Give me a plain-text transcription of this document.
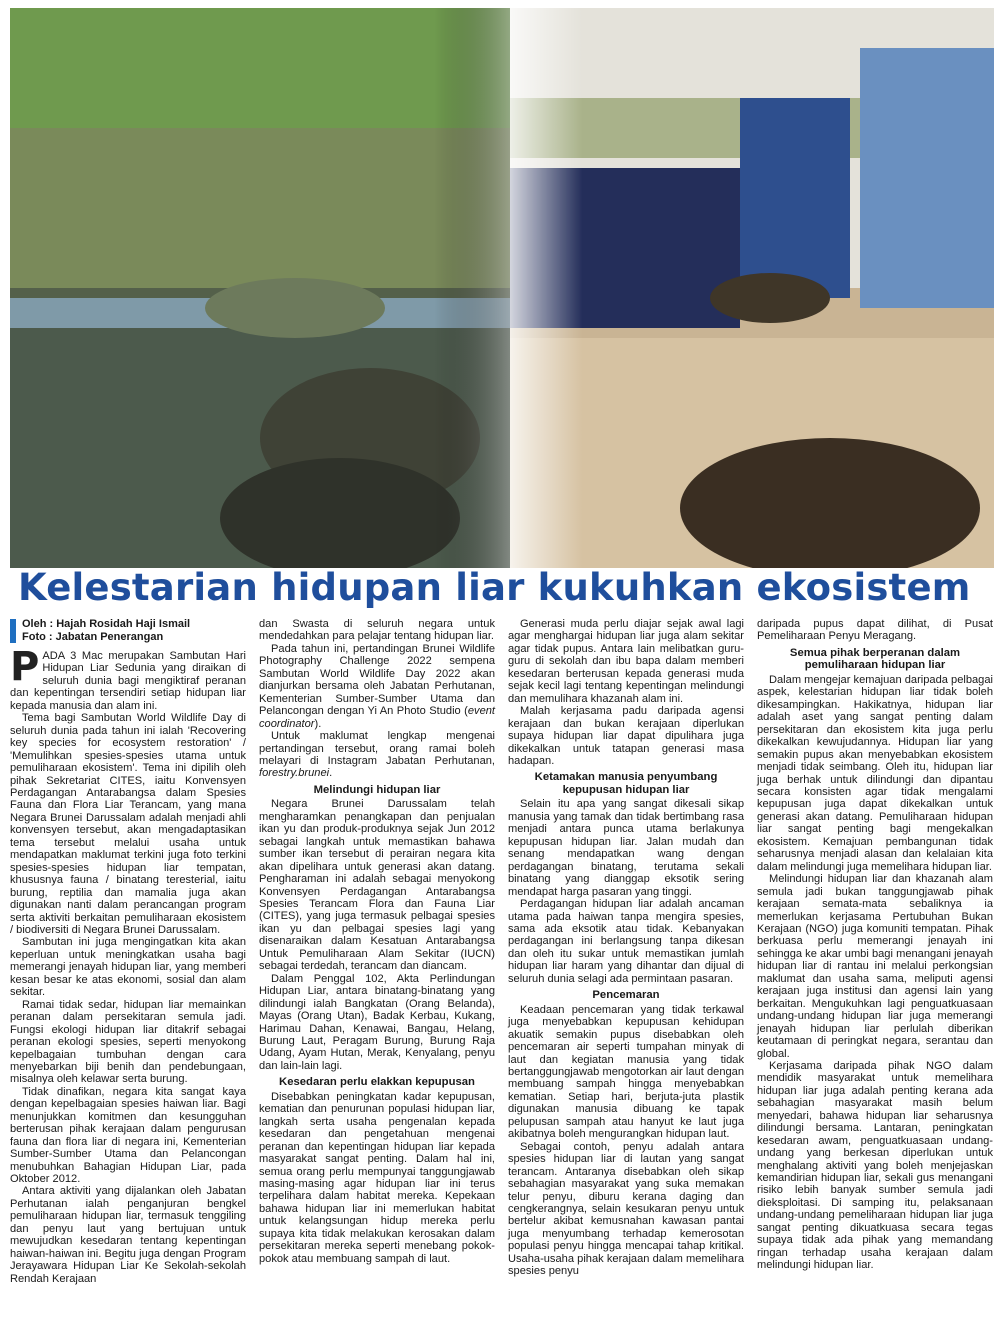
Kelestarian hidupan liar kukuhkan ekosistem
Oleh : Hajah Rosidah Haji Ismail
Foto : Jabatan Penerangan

PADA 3 Mac merupakan Sambutan Hari Hidupan Liar Sedunia yang diraikan di seluruh dunia bagi mengiktiraf peranan dan kepentingan tersendiri setiap hidupan liar kepada manusia dan alam ini.

Tema bagi Sambutan World Wildlife Day di seluruh dunia pada tahun ini ialah 'Recovering key species for ecosystem restoration' / 'Memulihkan spesies-spesies utama untuk pemuliharaan ekosistem'. Tema ini dipilih oleh pihak Sekretariat CITES, iaitu Konvensyen Perdagangan Antarabangsa dalam Spesies Fauna dan Flora Liar Terancam, yang mana Negara Brunei Darussalam adalah menjadi ahli konvensyen tersebut, akan mengadaptasikan tema tersebut melalui usaha untuk mendapatkan maklumat terkini juga foto terkini spesies-spesies hidupan liar tempatan, khususnya fauna / binatang teresterial, iaitu burung, reptilia dan mamalia juga akan digunakan nanti dalam perancangan program serta aktiviti berkaitan pemuliharaan ekosistem / biodiversiti di Negara Brunei Darussalam.

Sambutan ini juga mengingatkan kita akan keperluan untuk meningkatkan usaha bagi memerangi jenayah hidupan liar, yang memberi kesan besar ke atas ekonomi, sosial dan alam sekitar.

Ramai tidak sedar, hidupan liar memainkan peranan dalam persekitaran semula jadi. Fungsi ekologi hidupan liar ditakrif sebagai peranan ekologi spesies, seperti menyokong kepelbagaian tumbuhan dengan cara menyebarkan biji benih dan pendebungaan, misalnya oleh kelawar serta burung.

Tidak dinafikan, negara kita sangat kaya dengan kepelbagaian spesies haiwan liar. Bagi menunjukkan komitmen dan kesungguhan berterusan pihak kerajaan dalam pengurusan fauna dan flora liar di negara ini, Kementerian Sumber-Sumber Utama dan Pelancongan menubuhkan Bahagian Hidupan Liar, pada Oktober 2012.

Antara aktiviti yang dijalankan oleh Jabatan Perhutanan ialah penganjuran bengkel pemuliharaan hidupan liar, termasuk tenggiling dan penyu laut yang bertujuan untuk mewujudkan kesedaran tentang kepentingan haiwan-haiwan ini. Begitu juga dengan Program Jerayawara Hidupan Liar Ke Sekolah-sekolah Rendah Kerajaan

dan Swasta di seluruh negara untuk mendedahkan para pelajar tentang hidupan liar.

Pada tahun ini, pertandingan Brunei Wildlife Photography Challenge 2022 sempena Sambutan World Wildlife Day 2022 akan dianjurkan bersama oleh Jabatan Perhutanan, Kementerian Sumber-Sumber Utama dan Pelancongan dengan Yi An Photo Studio (event coordinator).

Untuk maklumat lengkap mengenai pertandingan tersebut, orang ramai boleh melayari di Instagram Jabatan Perhutanan, forestry.brunei.

Melindungi hidupan liar

Negara Brunei Darussalam telah mengharamkan penangkapan dan penjualan ikan yu dan produk-produknya sejak Jun 2012 sebagai langkah untuk memastikan bahawa sumber ikan tersebut di perairan negara kita akan dipelihara untuk generasi akan datang. Pengharaman ini adalah sebagai menyokong Konvensyen Perdagangan Antarabangsa Spesies Terancam Flora dan Fauna Liar (CITES), yang juga termasuk pelbagai spesies ikan yu dan pelbagai spesies lagi yang disenaraikan dalam Kesatuan Antarabangsa Untuk Pemuliharaan Alam Sekitar (IUCN) sebagai terdedah, terancam dan diancam.

Dalam Penggal 102, Akta Perlindungan Hidupan Liar, antara binatang-binatang yang dilindungi ialah Bangkatan (Orang Belanda), Mayas (Orang Utan), Badak Kerbau, Kukang, Harimau Dahan, Kenawai, Bangau, Helang, Burung Laut, Peragam Burung, Burung Raja Udang, Ayam Hutan, Merak, Kenyalang, penyu dan lain-lain lagi.

Kesedaran perlu elakkan kepupusan

Disebabkan peningkatan kadar kepupusan, kematian dan penurunan populasi hidupan liar, langkah serta usaha pengenalan kepada kesedaran dan pengetahuan mengenai peranan dan kepentingan hidupan liar kepada masyarakat sangat penting. Dalam hal ini, semua orang perlu mempunyai tanggungjawab masing-masing agar hidupan liar ini terus terpelihara dalam habitat mereka. Kepekaan bahawa hidupan liar ini memerlukan habitat untuk kelangsungan hidup mereka perlu supaya kita tidak melakukan kerosakan dalam persekitaran mereka seperti menebang pokok-pokok atau membuang sampah di laut.

Generasi muda perlu diajar sejak awal lagi agar menghargai hidupan liar juga alam sekitar agar tidak pupus. Antara lain melibatkan guru-guru di sekolah dan ibu bapa dalam memberi kesedaran berterusan kepada generasi muda sejak kecil lagi tentang kepentingan melindungi dan memulihara khazanah alam ini.

Malah kerjasama padu daripada agensi kerajaan dan bukan kerajaan diperlukan supaya hidupan liar dapat dipulihara juga dikekalkan untuk tatapan generasi masa hadapan.

Ketamakan manusia penyumbang kepupusan hidupan liar

Selain itu apa yang sangat dikesali sikap manusia yang tamak dan tidak bertimbang rasa menjadi antara punca utama berlakunya kepupusan hidupan liar. Jalan mudah dan senang mendapatkan wang dengan perdagangan binatang, terutama sekali binatang yang dianggap eksotik sering mendapat harga pasaran yang tinggi.

Perdagangan hidupan liar adalah ancaman utama pada haiwan tanpa mengira spesies, sama ada eksotik atau tidak. Kebanyakan perdagangan ini berlangsung tanpa dikesan dan oleh itu sukar untuk memastikan jumlah hidupan liar haram yang dihantar dan dijual di seluruh dunia selagi ada permintaan pasaran.

Pencemaran

Keadaan pencemaran yang tidak terkawal juga menyebabkan kepupusan kehidupan akuatik semakin pupus disebabkan oleh pencemaran air seperti tumpahan minyak di laut dan kegiatan manusia yang tidak bertanggungjawab mengotorkan air laut dengan membuang sampah hingga menyebabkan kematian. Setiap hari, berjuta-juta plastik digunakan manusia dibuang ke tapak pelupusan sampah atau hanyut ke laut juga akibatnya boleh mengurangkan hidupan laut.

Sebagai contoh, penyu adalah antara spesies hidupan liar di lautan yang sangat terancam. Antaranya disebabkan oleh sikap sebahagian masyarakat yang suka memakan telur penyu, diburu kerana daging dan cengkerangnya, selain kesukaran penyu untuk bertelur akibat kemusnahan kawasan pantai juga menyumbang terhadap kemerosotan populasi penyu hingga mencapai tahap kritikal. Usaha-usaha pihak kerajaan dalam memelihara spesies penyu

daripada pupus dapat dilihat, di Pusat Pemeliharaan Penyu Meragang.

Semua pihak berperanan dalam pemuliharaan hidupan liar

Dalam mengejar kemajuan daripada pelbagai aspek, kelestarian hidupan liar tidak boleh dikesampingkan. Hakikatnya, hidupan liar adalah aset yang sangat penting dalam persekitaran dan ekosistem kita juga perlu dikekalkan kewujudannya. Hidupan liar yang semakin pupus akan menyebabkan ekosistem menjadi tidak seimbang. Oleh itu, hidupan liar juga berhak untuk dilindungi dan dipantau secara konsisten agar tidak mengalami kepupusan juga dapat dikekalkan untuk generasi akan datang. Pemuliharaan hidupan liar sangat penting bagi mengekalkan ekosistem. Kemajuan pembangunan tidak seharusnya menjadi alasan dan kelalaian kita dalam melindungi juga memelihara hidupan liar.

Melindungi hidupan liar dan khazanah alam semula jadi bukan tanggungjawab pihak kerajaan semata-mata sebaliknya ia memerlukan kerjasama Pertubuhan Bukan Kerajaan (NGO) juga komuniti tempatan. Pihak berkuasa perlu memerangi jenayah ini sehingga ke akar umbi bagi menangani jenayah hidupan liar di rantau ini melalui perkongsian maklumat dan usaha sama, meliputi agensi kerajaan juga institusi dan agensi lain yang berkaitan. Mengukuhkan lagi penguatkuasaan undang-undang hidupan liar juga memerangi jenayah hidupan liar perlulah diberikan keutamaan di peringkat negara, serantau dan global.

Kerjasama daripada pihak NGO dalam mendidik masyarakat untuk memelihara hidupan liar juga adalah penting kerana ada sebahagian masyarakat masih belum menyedari, bahawa hidupan liar seharusnya dilindungi bersama. Lantaran, peningkatan kesedaran awam, penguatkuasaan undang-undang yang berkesan diperlukan untuk menghalang aktiviti yang boleh menjejaskan kemandirian hidupan liar, sekali gus menangani risiko lebih banyak sumber semula jadi dieksploitasi. Di samping itu, pelaksanaan undang-undang pemeliharaan hidupan liar juga sangat penting dikuatkuasa secara tegas supaya tidak ada pihak yang memandang ringan terhadap usaha kerajaan dalam melindungi hidupan liar.
